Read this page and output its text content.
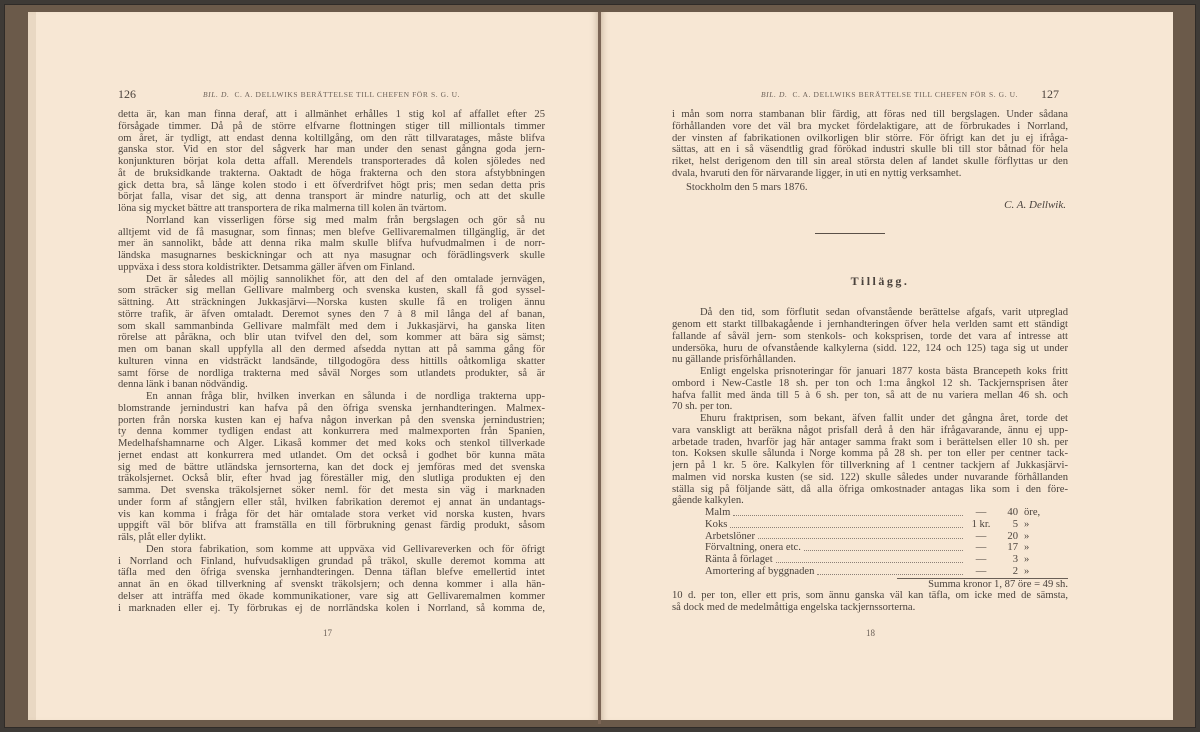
126	BIL. D. C. A. DELLWIKS BERÄTTELSE TILL CHEFEN FÖR S. G. U.
detta är, kan man finna deraf, att i allmänhet erhålles 1 stig kol af affallet efter 25
försågade timmer. Då på de större elfvarne flottningen stiger till milliontals timmer
om året, är tydligt, att endast denna koltillgång, om den rätt tillvaratages, måste blifva
ganska stor. Vid en stor del sågverk har man under den senast gångna goda jern-
konjunkturen börjat kola detta affall. Merendels transporterades då kolen sjöledes ned
åt de bruksidkande trakterna. Oaktadt de höga frakterna och den stora afstybbningen
gick detta bra, så länge kolen stodo i ett öfverdrifvet högt pris; men sedan detta pris
börjat falla, visar det sig, att denna transport är mindre naturlig, och att det skulle
löna sig mycket bättre att transportera de rika malmerna till kolen än tvärtom.
Norrland kan visserligen förse sig med malm från bergslagen och gör så nu
alltjemt vid de få masugnar, som finnas; men blefve Gellivaremalmen tillgänglig, är det
mer än sannolikt, både att denna rika malm skulle blifva hufvudmalmen i de norr-
ländska masugnarnes beskickningar och att nya masugnar och förädlingsverk skulle
uppväxa i dess stora koldistrikter. Detsamma gäller äfven om Finland.
Det är således all möjlig sannolikhet för, att den del af den omtalade jernvägen,
som sträcker sig mellan Gellivare malmberg och svenska kusten, skall få god syssel-
sättning. Att sträckningen Jukkasjärvi—Norska kusten skulle få en troligen ännu
större trafik, är äfven omtaladt. Deremot synes den 7 à 8 mil långa del af banan,
som skall sammanbinda Gellivare malmfält med dem i Jukkasjärvi, ha ganska liten
rörelse att påräkna, och blir utan tvifvel den del, som kommer att bära sig sämst;
men om banan skall uppfylla all den dermed afsedda nyttan att på samma gång för
kulturen vinna en vidsträckt landsände, tillgodogöra dess hittills oåtkomliga skatter
samt förse de nordliga trakterna med såväl Norges som utlandets produkter, så är
denna länk i banan nödvändig.
En annan fråga blir, hvilken inverkan en sålunda i de nordliga trakterna upp-
blomstrande jernindustri kan hafva på den öfriga svenska jernhandteringen. Malmex-
porten från norska kusten kan ej hafva någon inverkan på den svenska jernindustrien;
ty denna kommer tydligen endast att konkurrera med malmexporten från Spanien,
Medelhafshamnarne och Alger. Likaså kommer det med koks och stenkol tillverkade
jernet endast att konkurrera med utlandet. Om det också i godhet bör kunna mäta
sig med de bättre utländska jernsorterna, kan det dock ej jemföras med det svenska
träkolsjernet. Också blir, efter hvad jag föreställer mig, den slutliga produkten ej den
samma. Det svenska träkolsjernet söker neml. för det mesta sin väg i marknaden
under form af stångjern eller stål, hvilken fabrikation deremot ej annat än undantags-
vis kan komma i fråga för det här omtalade stora verket vid norska kusten, hvars
uppgift väl bör blifva att framställa en till förbrukning genast färdig produkt, såsom
räls, plåt eller dylikt.
Den stora fabrikation, som komme att uppväxa vid Gellivareverken och för öfrigt
i Norrland och Finland, hufvudsakligen grundad på träkol, skulle deremot komma att
täfla med den öfriga svenska jernhandteringen. Denna täflan blefve emellertid intet
annat än en ökad tillverkning af svenskt träkolsjern; och denna kommer i alla hän-
delser att inträffa med ökade kommunikationer, vare sig att Gellivaremalmen kommer
i marknaden eller ej. Ty förbrukas ej de norrländska kolen i Norrland, så komma de,
17
BIL. D. C. A. DELLWIKS BERÄTTELSE TILL CHEFEN FÖR S. G. U. 127
i mån som norra stambanan blir färdig, att föras ned till bergslagen. Under sådana
förhållanden vore det väl bra mycket fördelaktigare, att de förbrukades i Norrland,
der vinsten af fabrikationen ovilkorligen blir större. För öfrigt kan det ju ej ifråga-
sättas, att en i så väsendtlig grad förökad industri skulle bli till stor båtnad för hela
riket, helst derigenom den till sin areal största delen af landet skulle förflyttas ur den
dvala, hvaruti den för närvarande ligger, in uti en nyttig verksamhet.
Stockholm den 5 mars 1876.
C. A. Dellwik.
Tillägg.
Då den tid, som förflutit sedan ofvanstående berättelse afgafs, varit utpreglad
genom ett starkt tillbakagående i jernhandteringen öfver hela verlden samt ett ständigt
fallande af såväl jern- som stenkols- och koksprisen, torde det vara af intresse att
undersöka, huru de ofvanstående kalkylerna (sidd. 122, 124 och 125) taga sig ut under
nu gällande prisförhållanden.
Enligt engelska prisnoteringar för januari 1877 kosta bästa Brancepeth koks fritt
ombord i New-Castle 18 sh. per ton och 1:ma ångkol 12 sh. Tackjernsprisen åter
hafva fallit med ända till 5 à 6 sh. per ton, så att de nu variera mellan 46 sh. och
70 sh. per ton.
Ehuru fraktprisen, som bekant, äfven fallit under det gångna året, torde det
vara vanskligt att beräkna något prisfall derå å den här ifrågavarande, ännu ej upp-
arbetade traden, hvarför jag här antager samma frakt som i berättelsen eller 10 sh. per
ton. Koksen skulle sålunda i Norge komma på 28 sh. per ton eller per centner tack-
jern på 1 kr. 5 öre. Kalkylen för tillverkning af 1 centner tackjern af Jukkasjärvi-
malmen vid norska kusten (se sid. 122) skulle således under nuvarande förhållanden
ställa sig på följande sätt, då alla öfriga omkostnader antagas lika som i den före-
gående kalkylen.
Malm	—	40 öre,
Koks	1 kr.	5 »
Arbetslöner	—	20 »
Förvaltning, onera etc.	—	17 »
Ränta å förlaget	—	3 »
Amortering af byggnaden	—	2 »
Summa kronor 1, 87 öre = 49 sh.
10 d. per ton, eller ett pris, som ännu ganska väl kan täfla, om icke med de sämsta,
så dock med de medelmåttiga engelska tackjernssorterna.
18
